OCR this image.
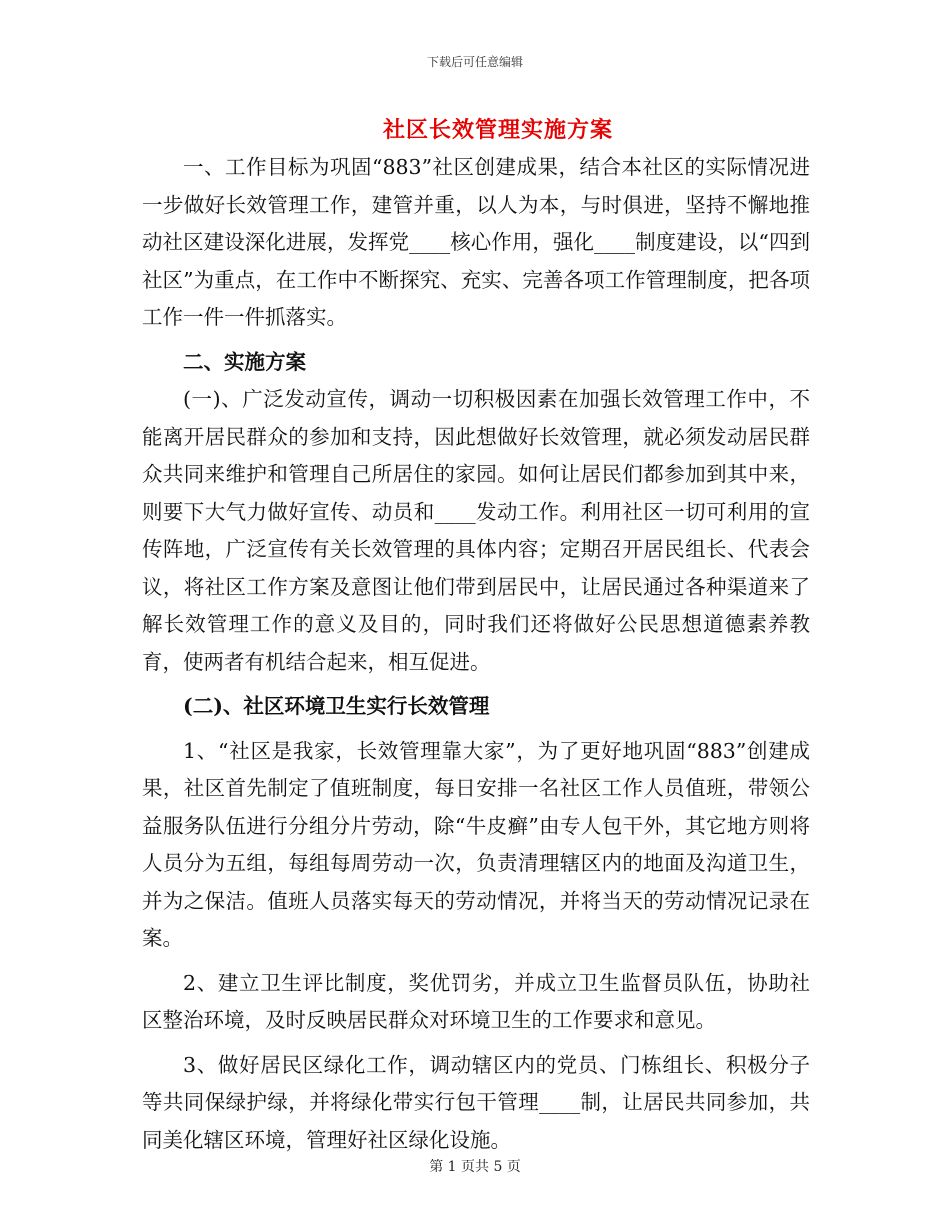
下载后可任意编辑
社区长效管理实施方案

一、工作目标为巩固“883”社区创建成果，结合本社区的实际情况进一步做好长效管理工作，建管并重，以人为本，与时俱进，坚持不懈地推动社区建设深化进展，发挥党____核心作用，强化____制度建设，以“四到社区”为重点，在工作中不断探究、充实、完善各项工作管理制度，把各项工作一件一件抓落实。

二、实施方案

(一)、广泛发动宣传，调动一切积极因素在加强长效管理工作中，不能离开居民群众的参加和支持，因此想做好长效管理，就必须发动居民群众共同来维护和管理自己所居住的家园。如何让居民们都参加到其中来，则要下大气力做好宣传、动员和____发动工作。利用社区一切可利用的宣传阵地，广泛宣传有关长效管理的具体内容；定期召开居民组长、代表会议，将社区工作方案及意图让他们带到居民中，让居民通过各种渠道来了解长效管理工作的意义及目的，同时我们还将做好公民思想道德素养教育，使两者有机结合起来，相互促进。

(二)、社区环境卫生实行长效管理

1、“社区是我家，长效管理靠大家”，为了更好地巩固“883”创建成果，社区首先制定了值班制度，每日安排一名社区工作人员值班，带领公益服务队伍进行分组分片劳动，除“牛皮癣”由专人包干外，其它地方则将人员分为五组，每组每周劳动一次，负责清理辖区内的地面及沟道卫生，并为之保洁。值班人员落实每天的劳动情况，并将当天的劳动情况记录在案。

2、建立卫生评比制度，奖优罚劣，并成立卫生监督员队伍，协助社区整治环境，及时反映居民群众对环境卫生的工作要求和意见。

3、做好居民区绿化工作，调动辖区内的党员、门栋组长、积极分子等共同保绿护绿，并将绿化带实行包干管理____制，让居民共同参加，共同美化辖区环境，管理好社区绿化设施。

第 1 页共 5 页
